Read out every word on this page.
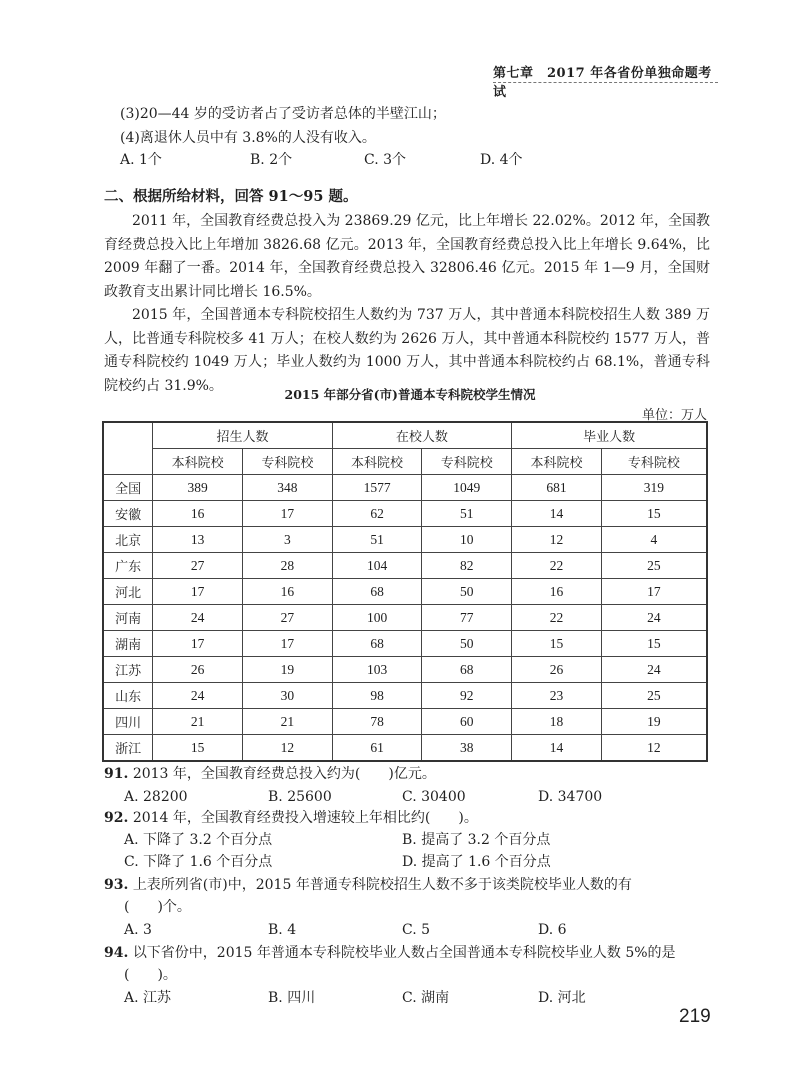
第七章　2017 年各省份单独命题考试
(3)20—44 岁的受访者占了受访者总体的半壁江山；
(4)离退休人员中有 3.8%的人没有收入。
A. 1个	B. 2个	C. 3个	D. 4个
二、根据所给材料，回答 91～95 题。

2011 年，全国教育经费总投入为 23869.29 亿元，比上年增长 22.02%。2012 年，全国教育经费总投入比上年增加 3826.68 亿元。2013 年，全国教育经费总投入比上年增长 9.64%，比 2009 年翻了一番。2014 年，全国教育经费总投入 32806.46 亿元。2015 年 1—9 月，全国财政教育支出累计同比增长 16.5%。

2015 年，全国普通本专科院校招生人数约为 737 万人，其中普通本科院校招生人数 389 万人，比普通专科院校多 41 万人；在校人数约为 2626 万人，其中普通本科院校约 1577 万人，普通专科院校约 1049 万人；毕业人数约为 1000 万人，其中普通本科院校约占 68.1%，普通专科院校约占 31.9%。

2015 年部分省(市)普通本专科院校学生情况
单位：万人
	招生人数		在校人数		毕业人数	
	本科院校	专科院校	本科院校	专科院校	本科院校	专科院校
全国	389	348	1577	1049	681	319
安徽	16	17	62	51	14	15
北京	13	3	51	10	12	4
广东	27	28	104	82	22	25
河北	17	16	68	50	16	17
河南	24	27	100	77	22	24
湖南	17	17	68	50	15	15
江苏	26	19	103	68	26	24
山东	24	30	98	92	23	25
四川	21	21	78	60	18	19
浙江	15	12	61	38	14	12
91. 2013 年，全国教育经费总投入约为(　　)亿元。
A. 28200	B. 25600	C. 30400	D. 34700
92. 2014 年，全国教育经费投入增速较上年相比约(　　)。
A. 下降了 3.2 个百分点	B. 提高了 3.2 个百分点
C. 下降了 1.6 个百分点	D. 提高了 1.6 个百分点
93. 上表所列省(市)中，2015 年普通专科院校招生人数不多于该类院校毕业人数的有
(　　)个。
A. 3	B. 4	C. 5	D. 6
94. 以下省份中，2015 年普通本专科院校毕业人数占全国普通本专科院校毕业人数 5%的是
(　　)。
A. 江苏	B. 四川	C. 湖南	D. 河北
219
